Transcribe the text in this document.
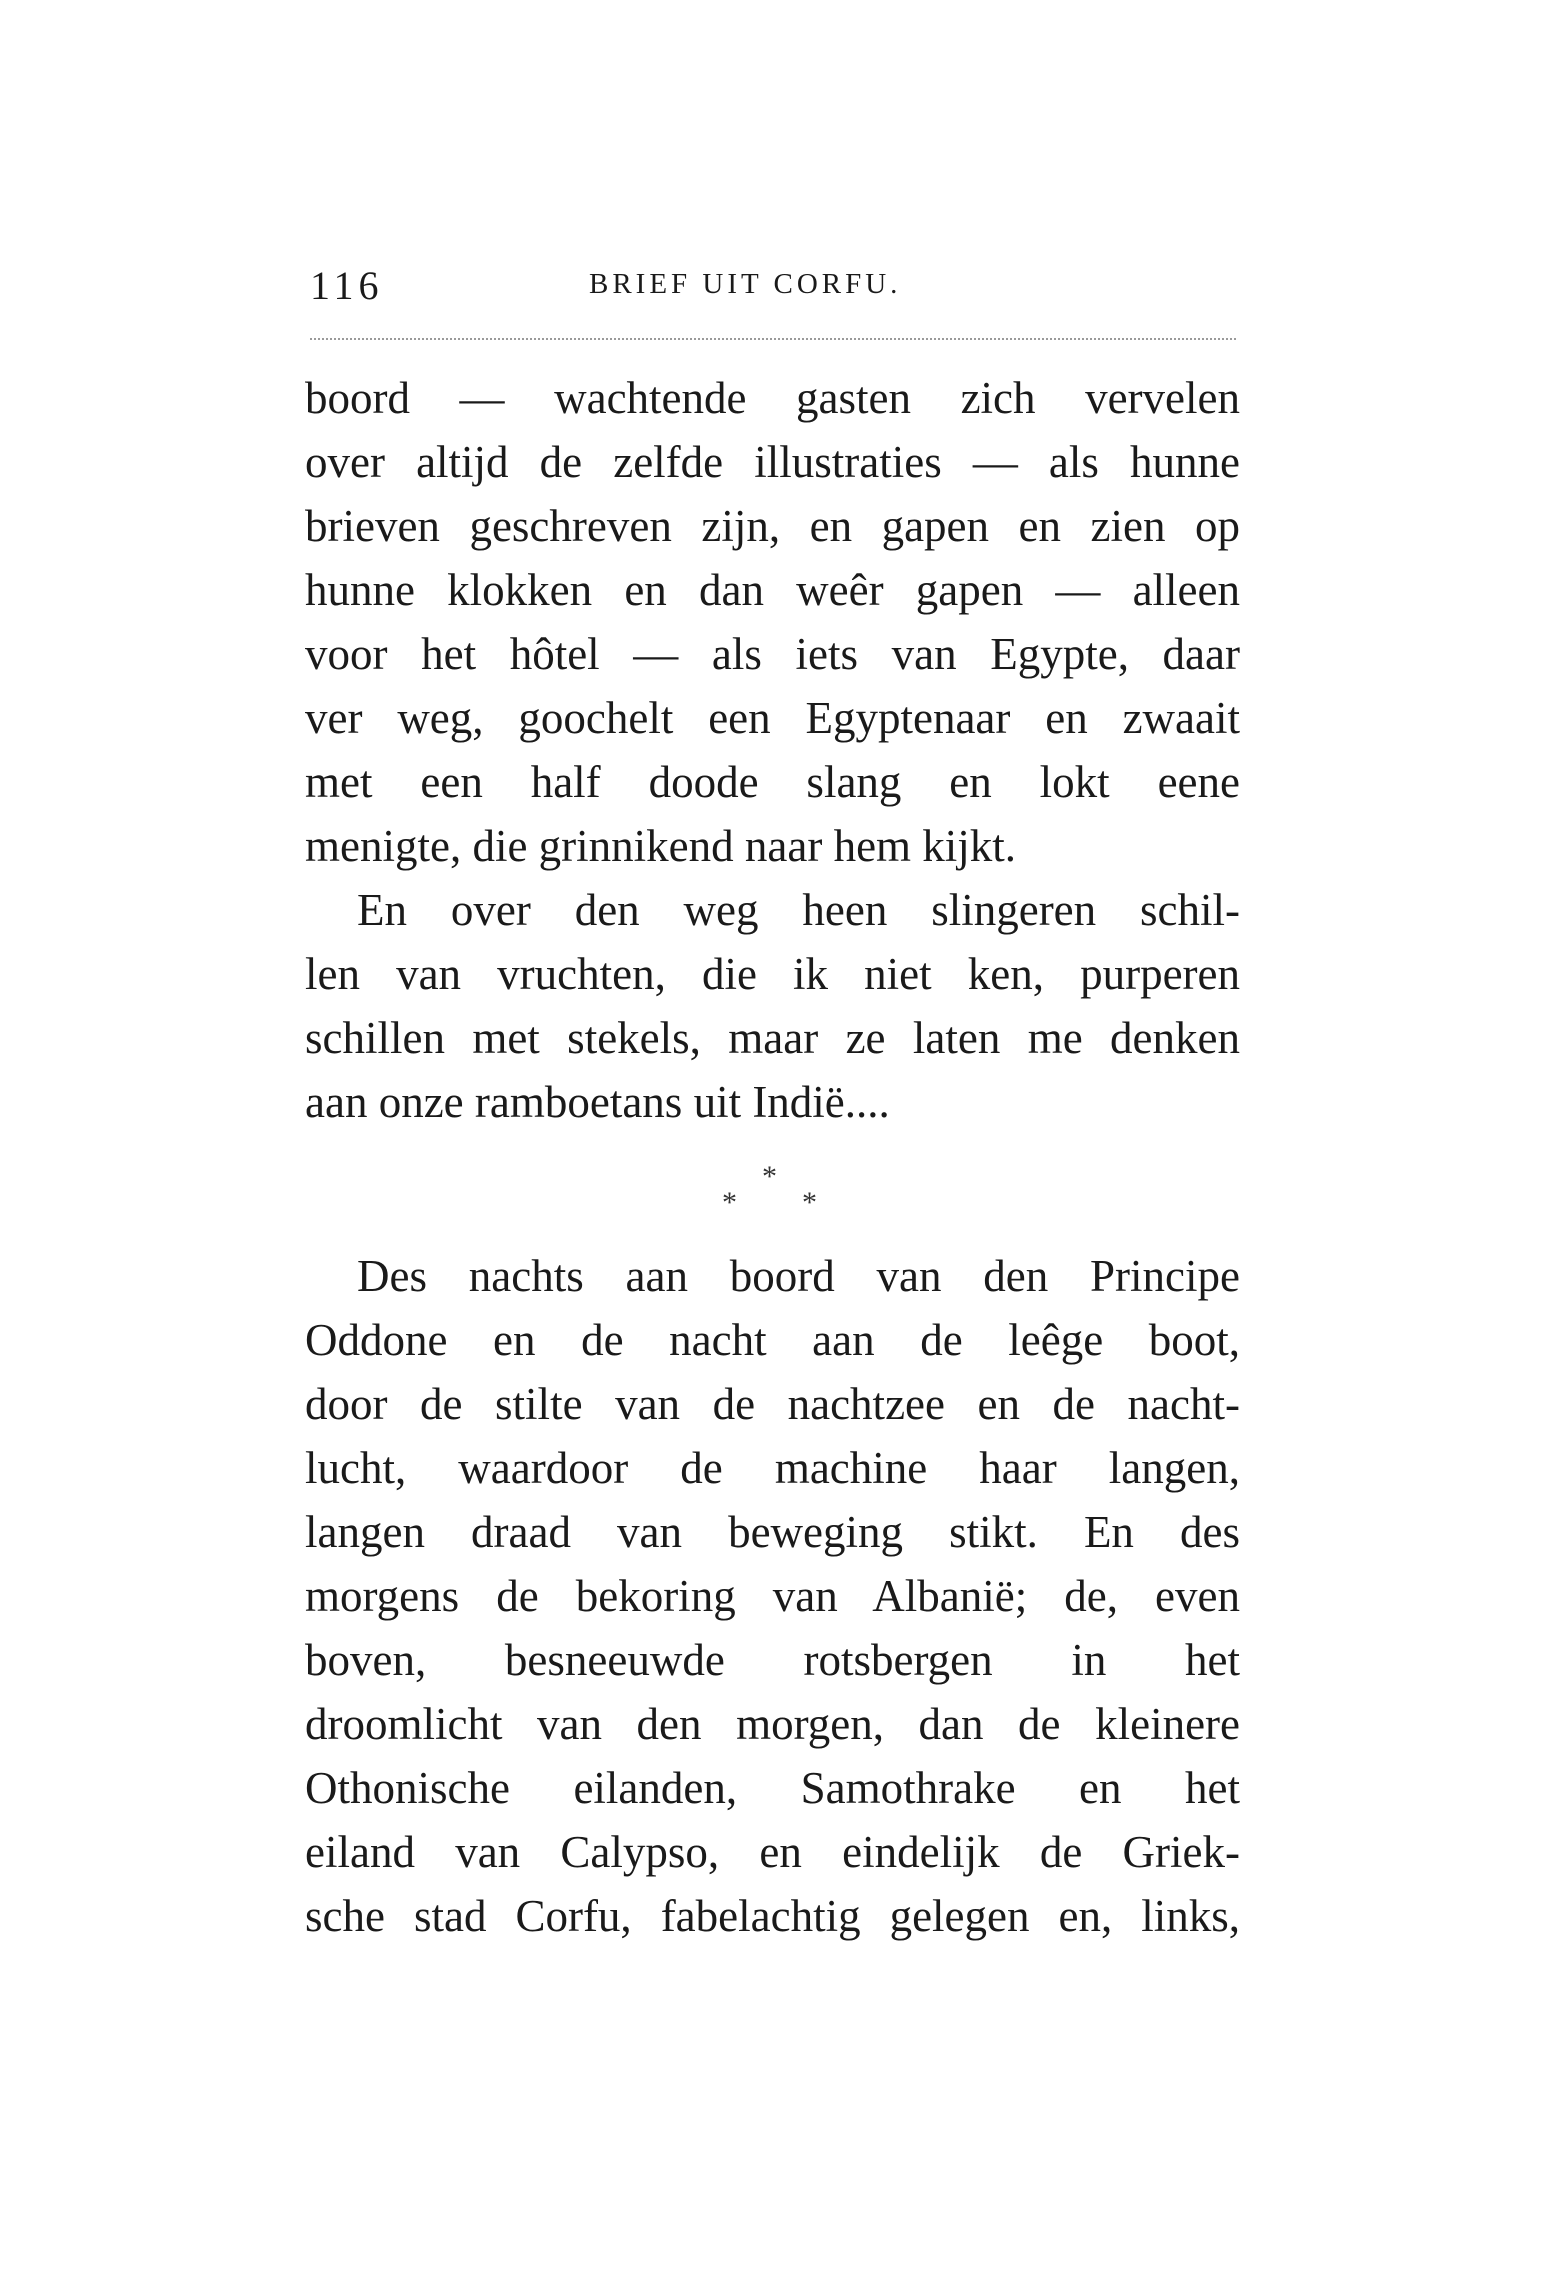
116	BRIEF UIT CORFU.
boord — wachtende gasten zich vervelen
over altijd de zelfde illustraties — als hunne
brieven geschreven zijn, en gapen en zien op
hunne klokken en dan weêr gapen — alleen
voor het hôtel — als iets van Egypte, daar
ver weg, goochelt een Egyptenaar en zwaait
met een half doode slang en lokt eene
menigte, die grinnikend naar hem kijkt.
En over den weg heen slingeren schil-
len van vruchten, die ik niet ken, purperen
schillen met stekels, maar ze laten me denken
aan onze ramboetans uit Indië....
*
* *
Des nachts aan boord van den Principe
Oddone en de nacht aan de leêge boot,
door de stilte van de nachtzee en de nacht-
lucht, waardoor de machine haar langen,
langen draad van beweging stikt. En des
morgens de bekoring van Albanië; de, even
boven, besneeuwde rotsbergen in het
droomlicht van den morgen, dan de kleinere
Othonische eilanden, Samothrake en het
eiland van Calypso, en eindelijk de Griek-
sche stad Corfu, fabelachtig gelegen en, links,
